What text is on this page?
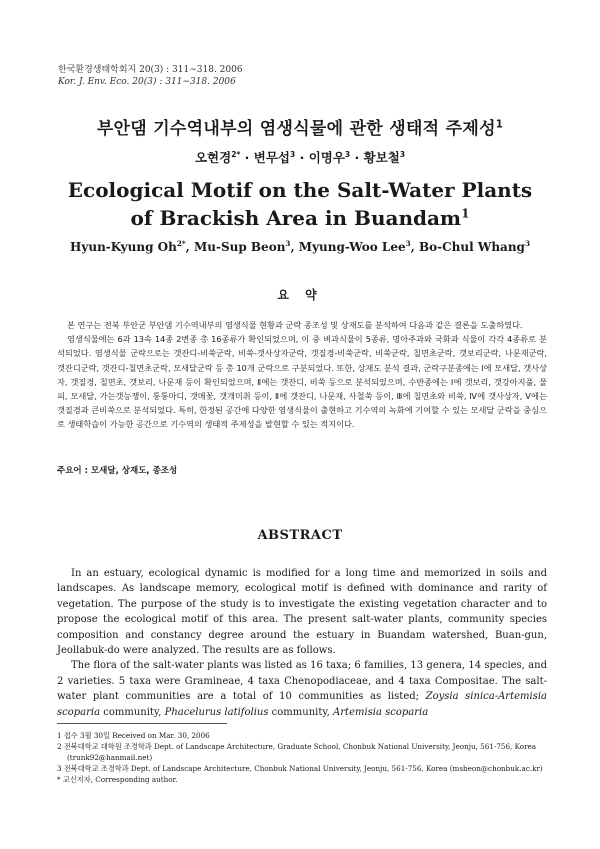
한국환경생태학회지 20(3) : 311∼318. 2006
Kor. J. Env. Eco. 20(3) : 311∼318. 2006
부안댐 기수역내부의 염생식물에 관한 생태적 주제성$^1$
오현경$^{2*}$ · 변무섭$^3$ · 이명우$^3$ · 황보철$^3$
Ecological Motif on the Salt-Water Plants of Brackish Area in Buandam$^1$
Hyun-Kyung $Oh^{2*}$, Mu-Sup Beon$^3$, Myung-Woo Lee$^3$, Bo-Chul Whang$^3$
요 약

본 연구는 전북 부안군 부안댐 기수역내부의 염생식물 현황과 군락 종조성 및 상재도를 분석하여 다음과 같은 결론을 도출하였다.

염생식물에는 6과 13속 14종 2변종 총 16종류가 확인되었으며, 이 중 벼과식물이 5종류, 명아주과와 국화과 식물이 각각 4종류로 분석되었다. 염생식물 군락으로는 갯잔디-비쑥군락, 비쑥-갯사상자군락, 갯질경-비쑥군락, 비쑥군락, 칠면초군락, 갯보리군락, 나문재군락, 갯잔디군락, 갯잔디-칠면초군락, 모새달군락 등 총 10개 군락으로 구분되었다. 또한, 상재도 분석 결과, 군락구분종에는 Ⅰ에 모새달, 갯사상자, 갯질경, 칠면초, 갯보리, 나문재 등이 확인되었으며, Ⅱ에는 갯잔디, 비쑥 등으로 분석되었으며, 수반종에는 Ⅰ에 갯보리, 갯강아지풀, 물피, 모새달, 가는갯능쟁이, 퉁퉁마디, 갯메꽃, 갯개미취 등이, Ⅱ에 갯잔디, 나문재, 사철쑥 등이, Ⅲ에 칠면초와 비쑥, Ⅳ에 갯사상자, Ⅴ에는 갯질경과 큰비쑥으로 분석되었다. 특히, 한정된 공간에 다양한 염생식물이 출현하고 기수역의 녹화에 기여할 수 있는 모새달 군락을 중심으로 생태학습이 가능한 공간으로 기수역의 생태적 주제성을 발현할 수 있는 적지이다.

주요어 : 모새달, 상재도, 종조성
ABSTRACT

In an estuary, ecological dynamic is modified for a long time and memorized in soils and landscapes. As landscape memory, ecological motif is defined with dominance and rarity of vegetation. The purpose of the study is to investigate the existing vegetation character and to propose the ecological motif of this area. The present salt-water plants, community species composition and constancy degree around the estuary in Buandam watershed, Buan-gun, Jeollabuk-do were analyzed. The results are as follows.

The flora of the salt-water plants was listed as 16 taxa; 6 families, 13 genera, 14 species, and 2 varieties. 5 taxa were Gramineae, 4 taxa Chenopodiaceae, and 4 taxa Compositae. The salt-water plant communities are a total of 10 communities as listed; Zoysia sinica-Artemisia scoparia community, Phacelurus latifolius community, Artemisia scoparia

1 접수 3월 30일 Received on Mar. 30, 2006
2 전북대학교 대학원 조경학과 Dept. of Landscape Architecture, Graduate School, Chonbuk National University, Jeonju, 561-756, Korea
(trunk92@hanmail.net)
3 전북대학교 조경학과 Dept. of Landscape Architecture, Chonbuk National University, Jeonju, 561-756, Korea (msbeon@chonbuk.ac.kr)
* 교신저자, Corresponding author.
